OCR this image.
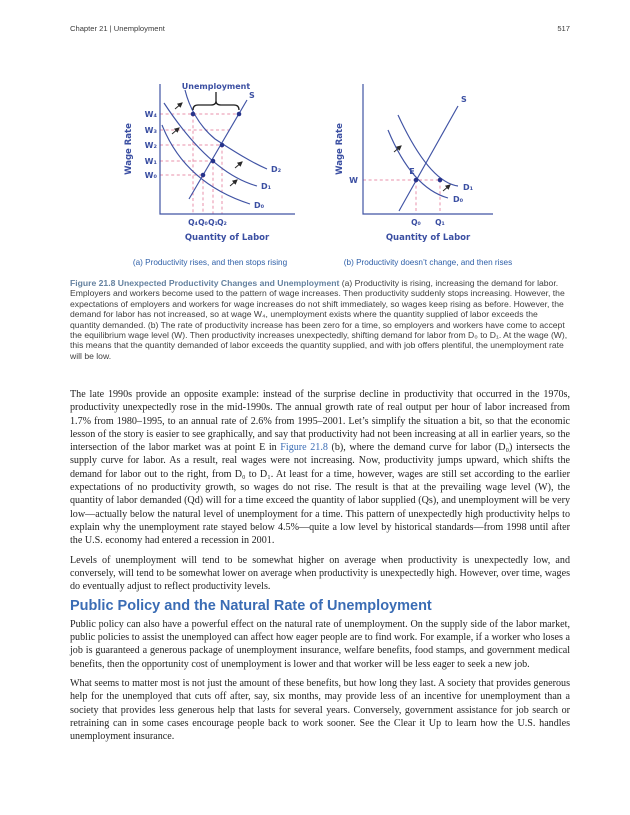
Chapter 21 | Unemployment	517
Unemployment
S
D₂
D₁
D₀
W₄
W₃
W₂
W₁
W₀
Q₄ Q₀ Q₁ Q₂
Wage Rate
Quantity of Labor
S
E
W
D₁
D₀
Q₀ Q₁
Wage Rate
Quantity of Labor
(a) Productivity rises, and then stops rising	(b) Productivity doesn’t change, and then rises
Figure 21.8 Unexpected Productivity Changes and Unemployment (a) Productivity is rising, increasing the demand for labor. Employers and workers become used to the pattern of wage increases. Then productivity suddenly stops increasing. However, the expectations of employers and workers for wage increases do not shift immediately, so wages keep rising as before. However, the demand for labor has not increased, so at wage W₄, unemployment exists where the quantity supplied of labor exceeds the quantity demanded. (b) The rate of productivity increase has been zero for a time, so employers and workers have come to accept the equilibrium wage level (W). Then productivity increases unexpectedly, shifting demand for labor from D₀ to D₁. At the wage (W), this means that the quantity demanded of labor exceeds the quantity supplied, and with job offers plentiful, the unemployment rate will be low.

The late 1990s provide an opposite example: instead of the surprise decline in productivity that occurred in the 1970s, productivity unexpectedly rose in the mid-1990s. The annual growth rate of real output per hour of labor increased from 1.7% from 1980–1995, to an annual rate of 2.6% from 1995–2001. Let’s simplify the situation a bit, so that the economic lesson of the story is easier to see graphically, and say that productivity had not been increasing at all in earlier years, so the intersection of the labor market was at point E in Figure 21.8 (b), where the demand curve for labor (D₀) intersects the supply curve for labor. As a result, real wages were not increasing. Now, productivity jumps upward, which shifts the demand for labor out to the right, from D₀ to D₁. At least for a time, however, wages are still set according to the earlier expectations of no productivity growth, so wages do not rise. The result is that at the prevailing wage level (W), the quantity of labor demanded (Qd) will for a time exceed the quantity of labor supplied (Qs), and unemployment will be very low—actually below the natural level of unemployment for a time. This pattern of unexpectedly high productivity helps to explain why the unemployment rate stayed below 4.5%—quite a low level by historical standards—from 1998 until after the U.S. economy had entered a recession in 2001.

Levels of unemployment will tend to be somewhat higher on average when productivity is unexpectedly low, and conversely, will tend to be somewhat lower on average when productivity is unexpectedly high. However, over time, wages do eventually adjust to reflect productivity levels.

Public Policy and the Natural Rate of Unemployment

Public policy can also have a powerful effect on the natural rate of unemployment. On the supply side of the labor market, public policies to assist the unemployed can affect how eager people are to find work. For example, if a worker who loses a job is guaranteed a generous package of unemployment insurance, welfare benefits, food stamps, and government medical benefits, then the opportunity cost of unemployment is lower and that worker will be less eager to seek a new job.

What seems to matter most is not just the amount of these benefits, but how long they last. A society that provides generous help for the unemployed that cuts off after, say, six months, may provide less of an incentive for unemployment than a society that provides less generous help that lasts for several years. Conversely, government assistance for job search or retraining can in some cases encourage people back to work sooner. See the Clear it Up to learn how the U.S. handles unemployment insurance.
